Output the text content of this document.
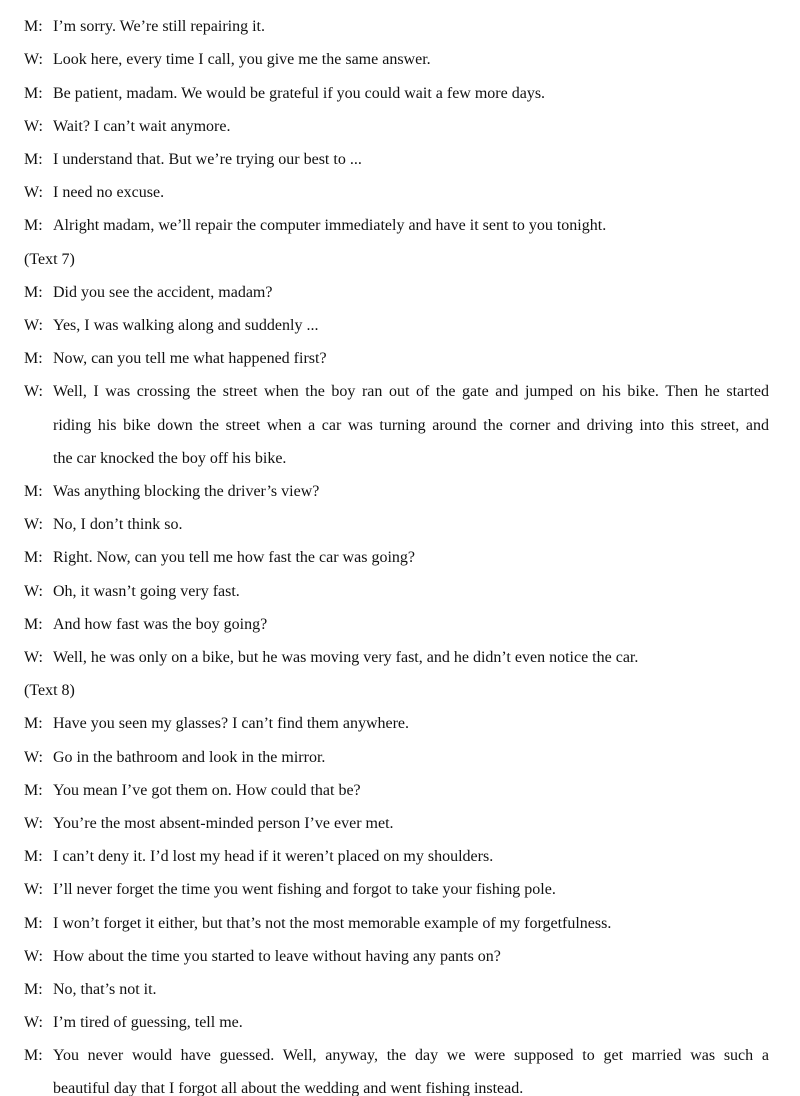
M: I’m sorry. We’re still repairing it.
W: Look here, every time I call, you give me the same answer.
M: Be patient, madam. We would be grateful if you could wait a few more days.
W: Wait? I can’t wait anymore.
M: I understand that. But we’re trying our best to ...
W: I need no excuse.
M: Alright madam, we’ll repair the computer immediately and have it sent to you tonight.
(Text 7)
M: Did you see the accident, madam?
W: Yes, I was walking along and suddenly ...
M: Now, can you tell me what happened first?
W: Well, I was crossing the street when the boy ran out of the gate and jumped on his bike. Then he started
riding his bike down the street when a car was turning around the corner and driving into this street, and
the car knocked the boy off his bike.
M: Was anything blocking the driver’s view?
W: No, I don’t think so.
M: Right. Now, can you tell me how fast the car was going?
W: Oh, it wasn’t going very fast.
M: And how fast was the boy going?
W: Well, he was only on a bike, but he was moving very fast, and he didn’t even notice the car.
(Text 8)
M: Have you seen my glasses? I can’t find them anywhere.
W: Go in the bathroom and look in the mirror.
M: You mean I’ve got them on. How could that be?
W: You’re the most absent-minded person I’ve ever met.
M: I can’t deny it. I’d lost my head if it weren’t placed on my shoulders.
W: I’ll never forget the time you went fishing and forgot to take your fishing pole.
M: I won’t forget it either, but that’s not the most memorable example of my forgetfulness.
W: How about the time you started to leave without having any pants on?
M: No, that’s not it.
W: I’m tired of guessing, tell me.
M: You never would have guessed. Well, anyway, the day we were supposed to get married was such a
beautiful day that I forgot all about the wedding and went fishing instead.
